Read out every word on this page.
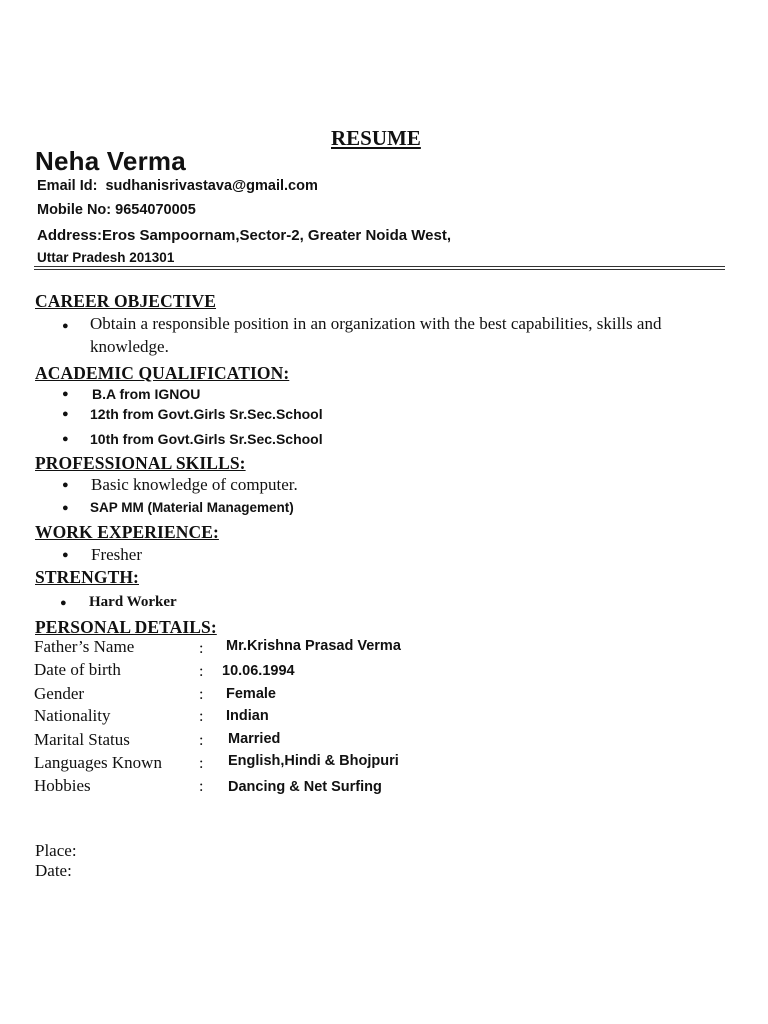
RESUME
Neha Verma
Email Id: sudhanisrivastava@gmail.com
Mobile No: 9654070005
Address:Eros Sampoornam,Sector-2, Greater Noida West,
Uttar Pradesh 201301
CAREER OBJECTIVE
● Obtain a responsible position in an organization with the best capabilities, skills and
knowledge.
ACADEMIC QUALIFICATION:
● B.A from IGNOU
● 12th from Govt.Girls Sr.Sec.School
● 10th from Govt.Girls Sr.Sec.School
PROFESSIONAL SKILLS:
● Basic knowledge of computer.
● SAP MM (Material Management)
WORK EXPERIENCE:
● Fresher
STRENGTH:
● Hard Worker
PERSONAL DETAILS:
Father’s Name	: Mr.Krishna Prasad Verma
Date of birth	: 10.06.1994
Gender	: Female
Nationality	: Indian
Marital Status	: Married
Languages Known : English,Hindi & Bhojpuri
Hobbies	: Dancing & Net Surfing
Place:
Date:
